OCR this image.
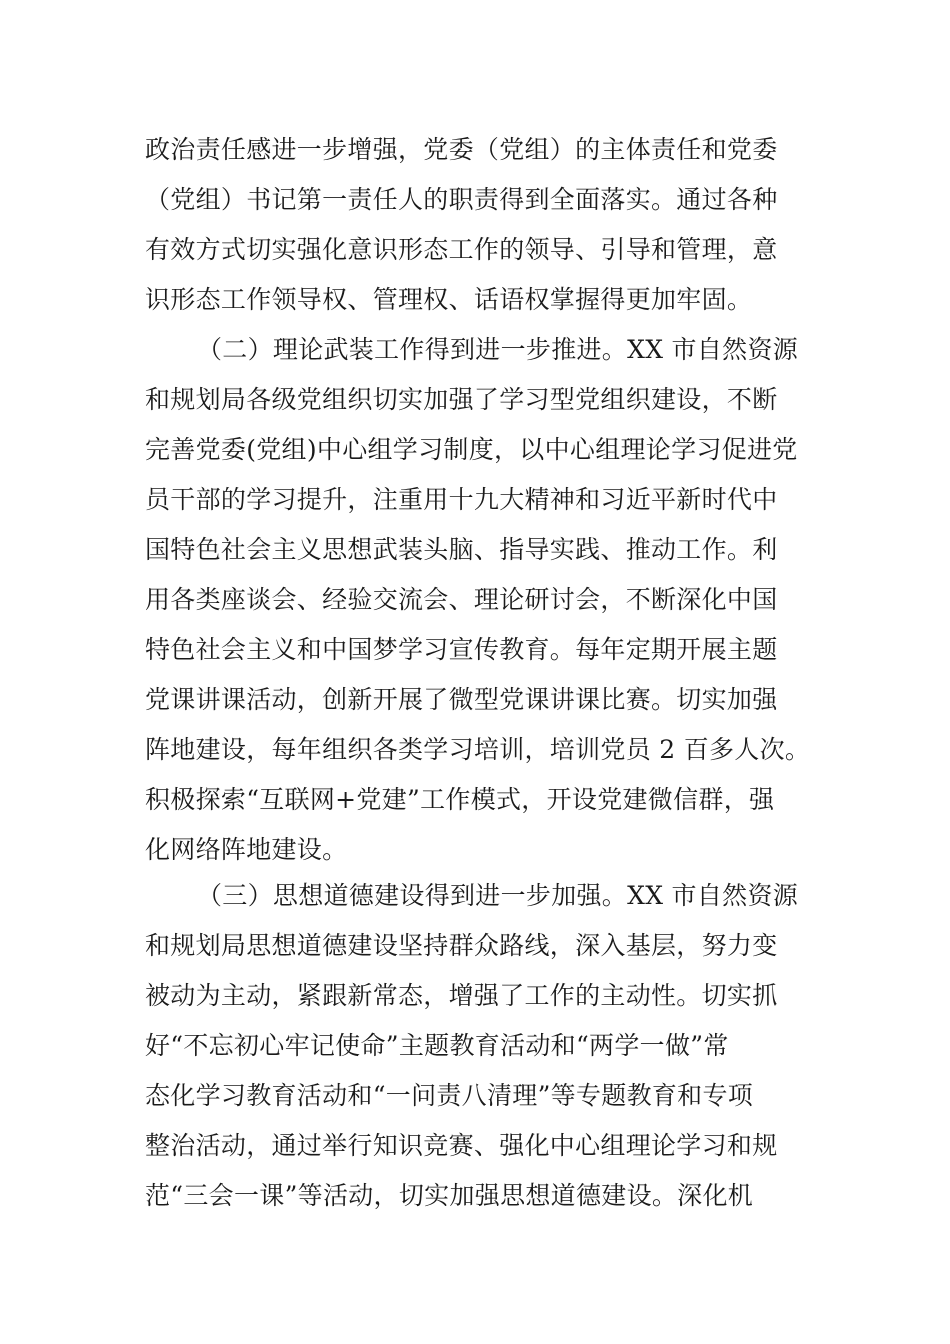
政治责任感进一步增强，党委（党组）的主体责任和党委
（党组）书记第一责任人的职责得到全面落实。通过各种
有效方式切实强化意识形态工作的领导、引导和管理，意
识形态工作领导权、管理权、话语权掌握得更加牢固。
（二）理论武装工作得到进一步推进。XX 市自然资源
和规划局各级党组织切实加强了学习型党组织建设，不断
完善党委(党组)中心组学习制度，以中心组理论学习促进党
员干部的学习提升，注重用十九大精神和习近平新时代中
国特色社会主义思想武装头脑、指导实践、推动工作。利
用各类座谈会、经验交流会、理论研讨会，不断深化中国
特色社会主义和中国梦学习宣传教育。每年定期开展主题
党课讲课活动，创新开展了微型党课讲课比赛。切实加强
阵地建设，每年组织各类学习培训，培训党员 2 百多人次。
积极探索“互联网+党建”工作模式，开设党建微信群，强
化网络阵地建设。
（三）思想道德建设得到进一步加强。XX 市自然资源
和规划局思想道德建设坚持群众路线，深入基层，努力变
被动为主动，紧跟新常态，增强了工作的主动性。切实抓
好“不忘初心牢记使命”主题教育活动和“两学一做”常
态化学习教育活动和“一问责八清理”等专题教育和专项
整治活动，通过举行知识竞赛、强化中心组理论学习和规
范“三会一课”等活动，切实加强思想道德建设。深化机
